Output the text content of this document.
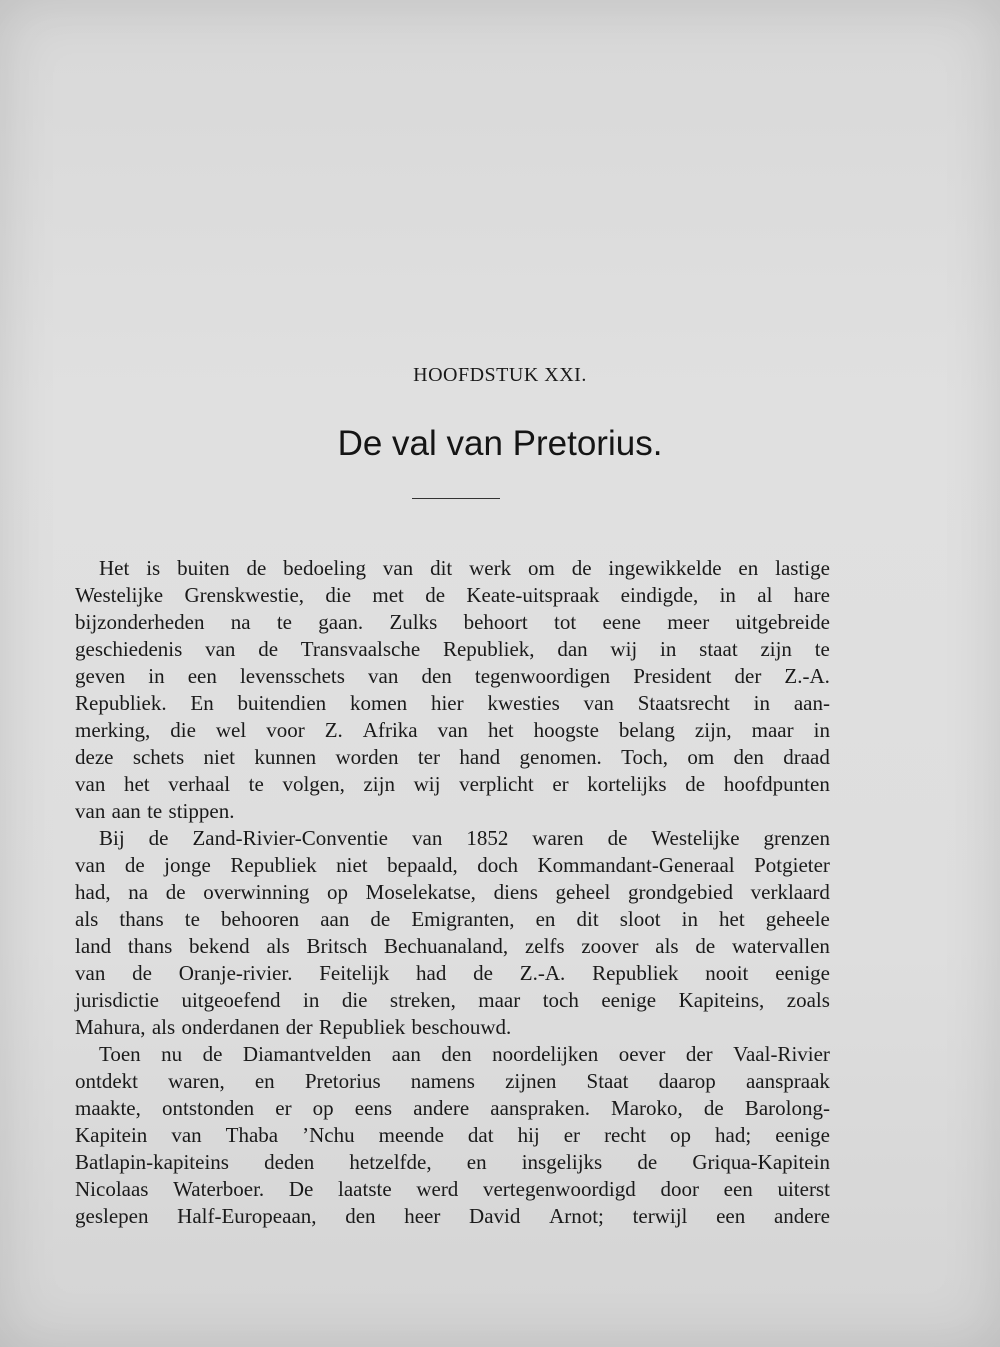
HOOFDSTUK XXI.
De val van Pretorius.
Het is buiten de bedoeling van dit werk om de ingewikkelde en lastige
Westelijke Grenskwestie, die met de Keate-uitspraak eindigde, in al hare
bijzonderheden na te gaan. Zulks behoort tot eene meer uitgebreide
geschiedenis van de Transvaalsche Republiek, dan wij in staat zijn te
geven in een levensschets van den tegenwoordigen President der Z.-A.
Republiek. En buitendien komen hier kwesties van Staatsrecht in aan-
merking, die wel voor Z. Afrika van het hoogste belang zijn, maar in
deze schets niet kunnen worden ter hand genomen. Toch, om den draad
van het verhaal te volgen, zijn wij verplicht er kortelijks de hoofdpunten
van aan te stippen.
Bij de Zand-Rivier-Conventie van 1852 waren de Westelijke grenzen
van de jonge Republiek niet bepaald, doch Kommandant-Generaal Potgieter
had, na de overwinning op Moselekatse, diens geheel grondgebied verklaard
als thans te behooren aan de Emigranten, en dit sloot in het geheele
land thans bekend als Britsch Bechuanaland, zelfs zoover als de watervallen
van de Oranje-rivier. Feitelijk had de Z.-A. Republiek nooit eenige
jurisdictie uitgeoefend in die streken, maar toch eenige Kapiteins, zoals
Mahura, als onderdanen der Republiek beschouwd.
Toen nu de Diamantvelden aan den noordelijken oever der Vaal-Rivier
ontdekt waren, en Pretorius namens zijnen Staat daarop aanspraak
maakte, ontstonden er op eens andere aanspraken. Maroko, de Barolong-
Kapitein van Thaba ’Nchu meende dat hij er recht op had; eenige
Batlapin-kapiteins deden hetzelfde, en insgelijks de Griqua-Kapitein
Nicolaas Waterboer. De laatste werd vertegenwoordigd door een uiterst
geslepen Half-Europeaan, den heer David Arnot; terwijl een andere
